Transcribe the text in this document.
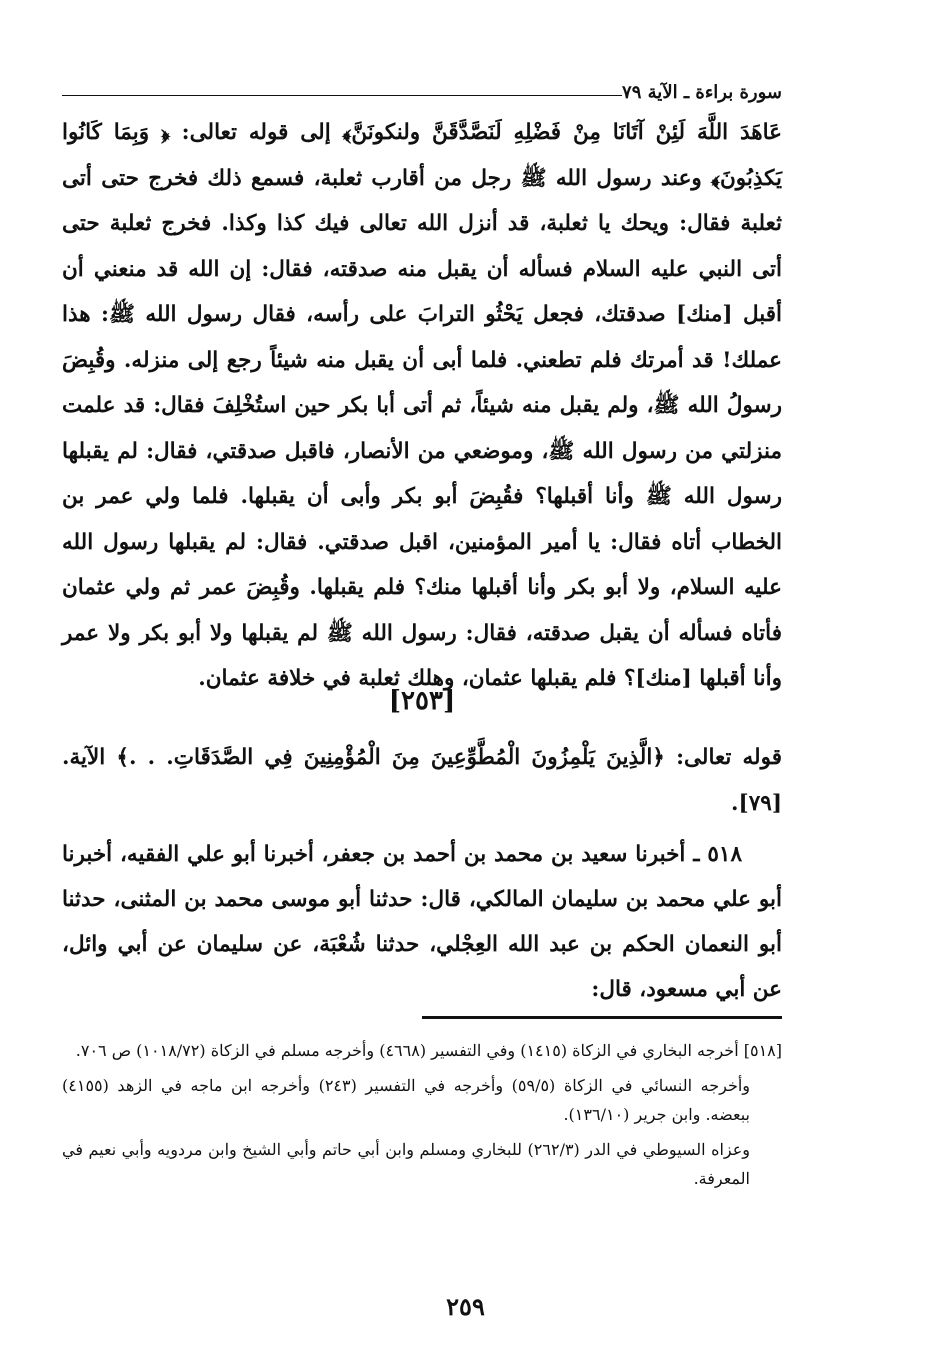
سورة براءة ـ الآية ٧٩

عَاهَدَ اللَّهَ لَئِنْ آتَانَا مِنْ فَضْلِهِ لَنَصَّدَّقَنَّ ولنكونَنَّ﴾ إلى قوله تعالى: ﴿ وَبِمَا كَانُوا يَكذِبُونَ﴾ وعند رسول الله ﷺ رجل من أقارب ثعلبة، فسمع ذلك فخرج حتى أتى ثعلبة فقال: ويحك يا ثعلبة، قد أنزل الله تعالى فيك كذا وكذا. فخرج ثعلبة حتى أتى النبي عليه السلام فسأله أن يقبل منه صدقته، فقال: إن الله قد منعني أن أقبل [منك] صدقتك، فجعل يَحْثُو الترابَ على رأسه، فقال رسول الله ﷺ: هذا عملك! قد أمرتك فلم تطعني. فلما أبى أن يقبل منه شيئاً رجع إلى منزله. وقُبِضَ رسولُ الله ﷺ، ولم يقبل منه شيئاً، ثم أتى أبا بكر حين استُخْلِفَ فقال: قد علمت منزلتي من رسول الله ﷺ، وموضعي من الأنصار، فاقبل صدقتي، فقال: لم يقبلها رسول الله ﷺ وأنا أقبلها؟ فقُبِضَ أبو بكر وأبى أن يقبلها. فلما ولي عمر بن الخطاب أتاه فقال: يا أمير المؤمنين، اقبل صدقتي. فقال: لم يقبلها رسول الله عليه السلام، ولا أبو بكر وأنا أقبلها منك؟ فلم يقبلها. وقُبِضَ عمر ثم ولي عثمان فأتاه فسأله أن يقبل صدقته، فقال: رسول الله ﷺ لم يقبلها ولا أبو بكر ولا عمر وأنا أقبلها [منك]؟ فلم يقبلها عثمان، وهلك ثعلبة في خلافة عثمان.

[٢٥٣]

قوله تعالى: ﴿الَّذِينَ يَلْمِزُونَ الْمُطَّوِّعِينَ مِنَ الْمُؤْمِنِينَ فِي الصَّدَقَاتِ. . .﴾ الآية. [٧٩].

٥١٨ ـ أخبرنا سعيد بن محمد بن أحمد بن جعفر، أخبرنا أبو علي الفقيه، أخبرنا أبو علي محمد بن سليمان المالكي، قال: حدثنا أبو موسى محمد بن المثنى، حدثنا أبو النعمان الحكم بن عبد الله العِجْلي، حدثنا شُعْبَة، عن سليمان عن أبي وائل، عن أبي مسعود، قال:

[٥١٨] أخرجه البخاري في الزكاة (١٤١٥) وفي التفسير (٤٦٦٨) وأخرجه مسلم في الزكاة (١٠١٨/٧٢) ص ٧٠٦.

وأخرجه النسائي في الزكاة (٥٩/٥) وأخرجه في التفسير (٢٤٣) وأخرجه ابن ماجه في الزهد (٤١٥٥) ببعضه. وابن جرير (١٣٦/١٠).

وعزاه السيوطي في الدر (٢٦٢/٣) للبخاري ومسلم وابن أبي حاتم وأبي الشيخ وابن مردويه وأبي نعيم في المعرفة.

٢٥٩
